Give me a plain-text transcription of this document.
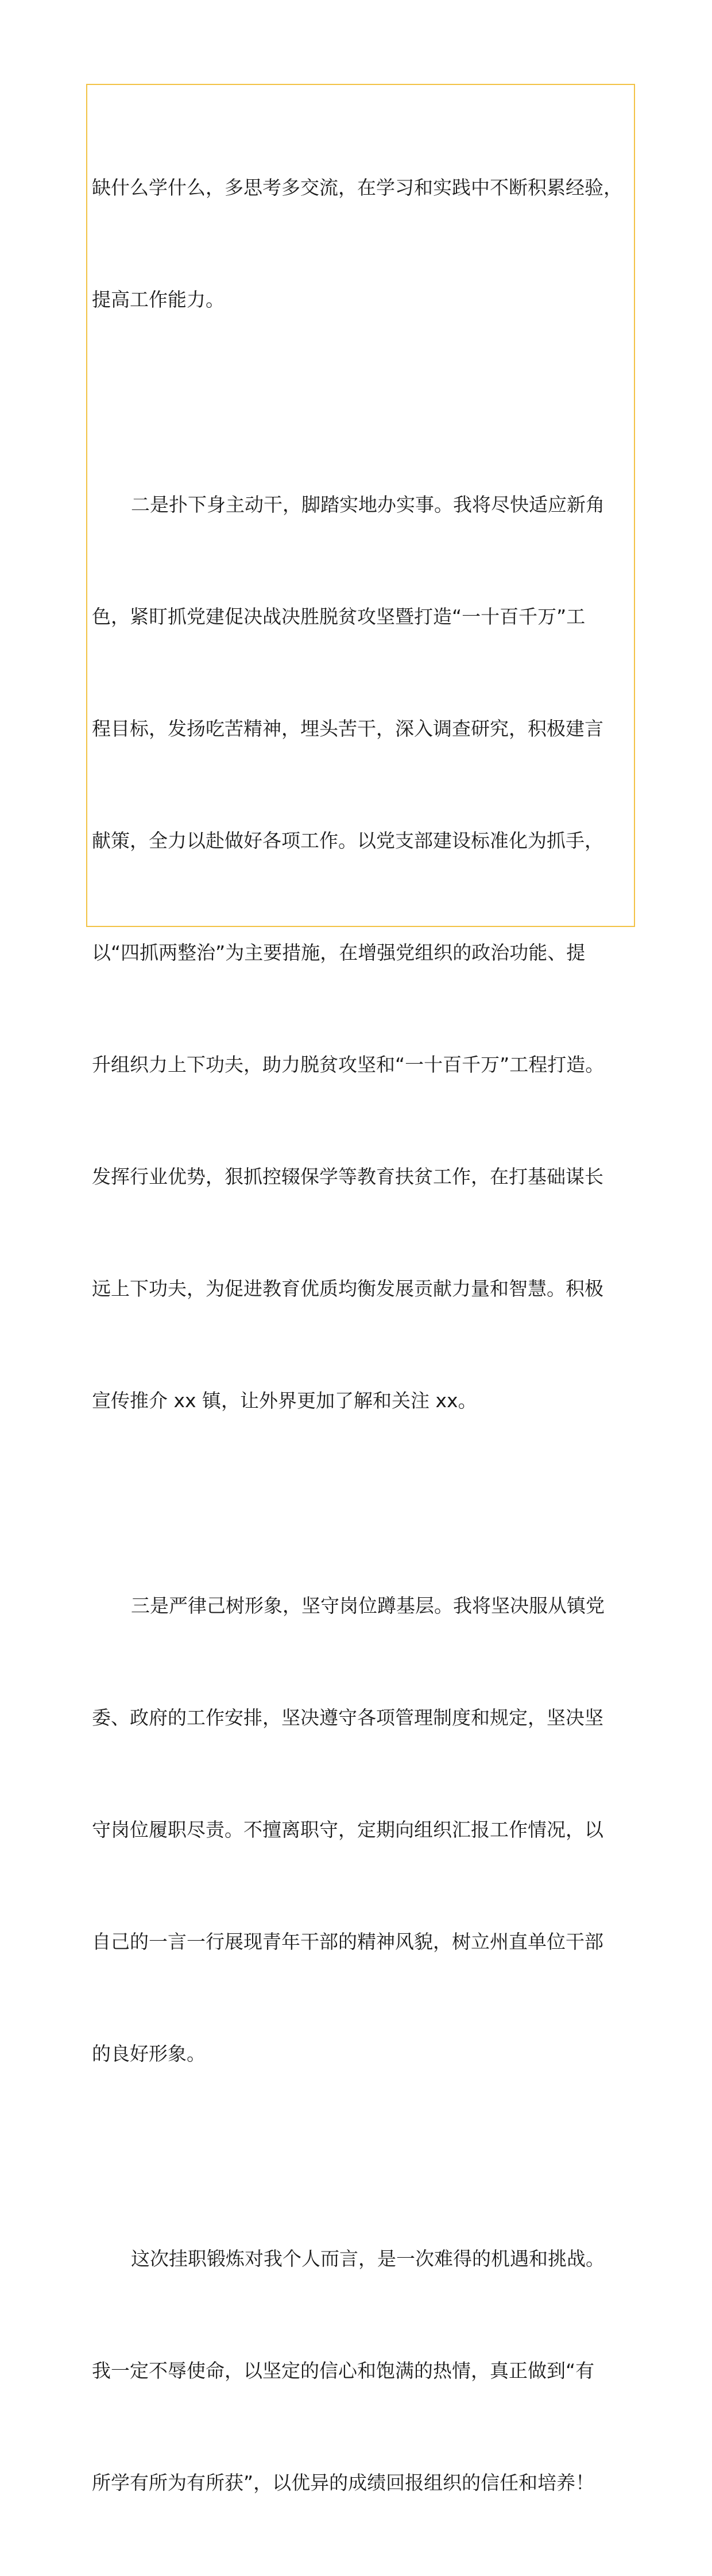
缺什么学什么，多思考多交流，在学习和实践中不断积累经验，

提高工作能力。

二是扑下身主动干，脚踏实地办实事。我将尽快适应新角

色，紧盯抓党建促决战决胜脱贫攻坚暨打造“一十百千万”工

程目标，发扬吃苦精神，埋头苦干，深入调查研究，积极建言

献策，全力以赴做好各项工作。以党支部建设标准化为抓手，

以“四抓两整治”为主要措施，在增强党组织的政治功能、提

升组织力上下功夫，助力脱贫攻坚和“一十百千万”工程打造。

发挥行业优势，狠抓控辍保学等教育扶贫工作，在打基础谋长

远上下功夫，为促进教育优质均衡发展贡献力量和智慧。积极

宣传推介 xx 镇，让外界更加了解和关注 xx。

三是严律己树形象，坚守岗位蹲基层。我将坚决服从镇党

委、政府的工作安排，坚决遵守各项管理制度和规定，坚决坚

守岗位履职尽责。不擅离职守，定期向组织汇报工作情况，以

自己的一言一行展现青年干部的精神风貌，树立州直单位干部

的良好形象。

这次挂职锻炼对我个人而言，是一次难得的机遇和挑战。

我一定不辱使命，以坚定的信心和饱满的热情，真正做到“有

所学有所为有所获”，以优异的成绩回报组织的信任和培养！
